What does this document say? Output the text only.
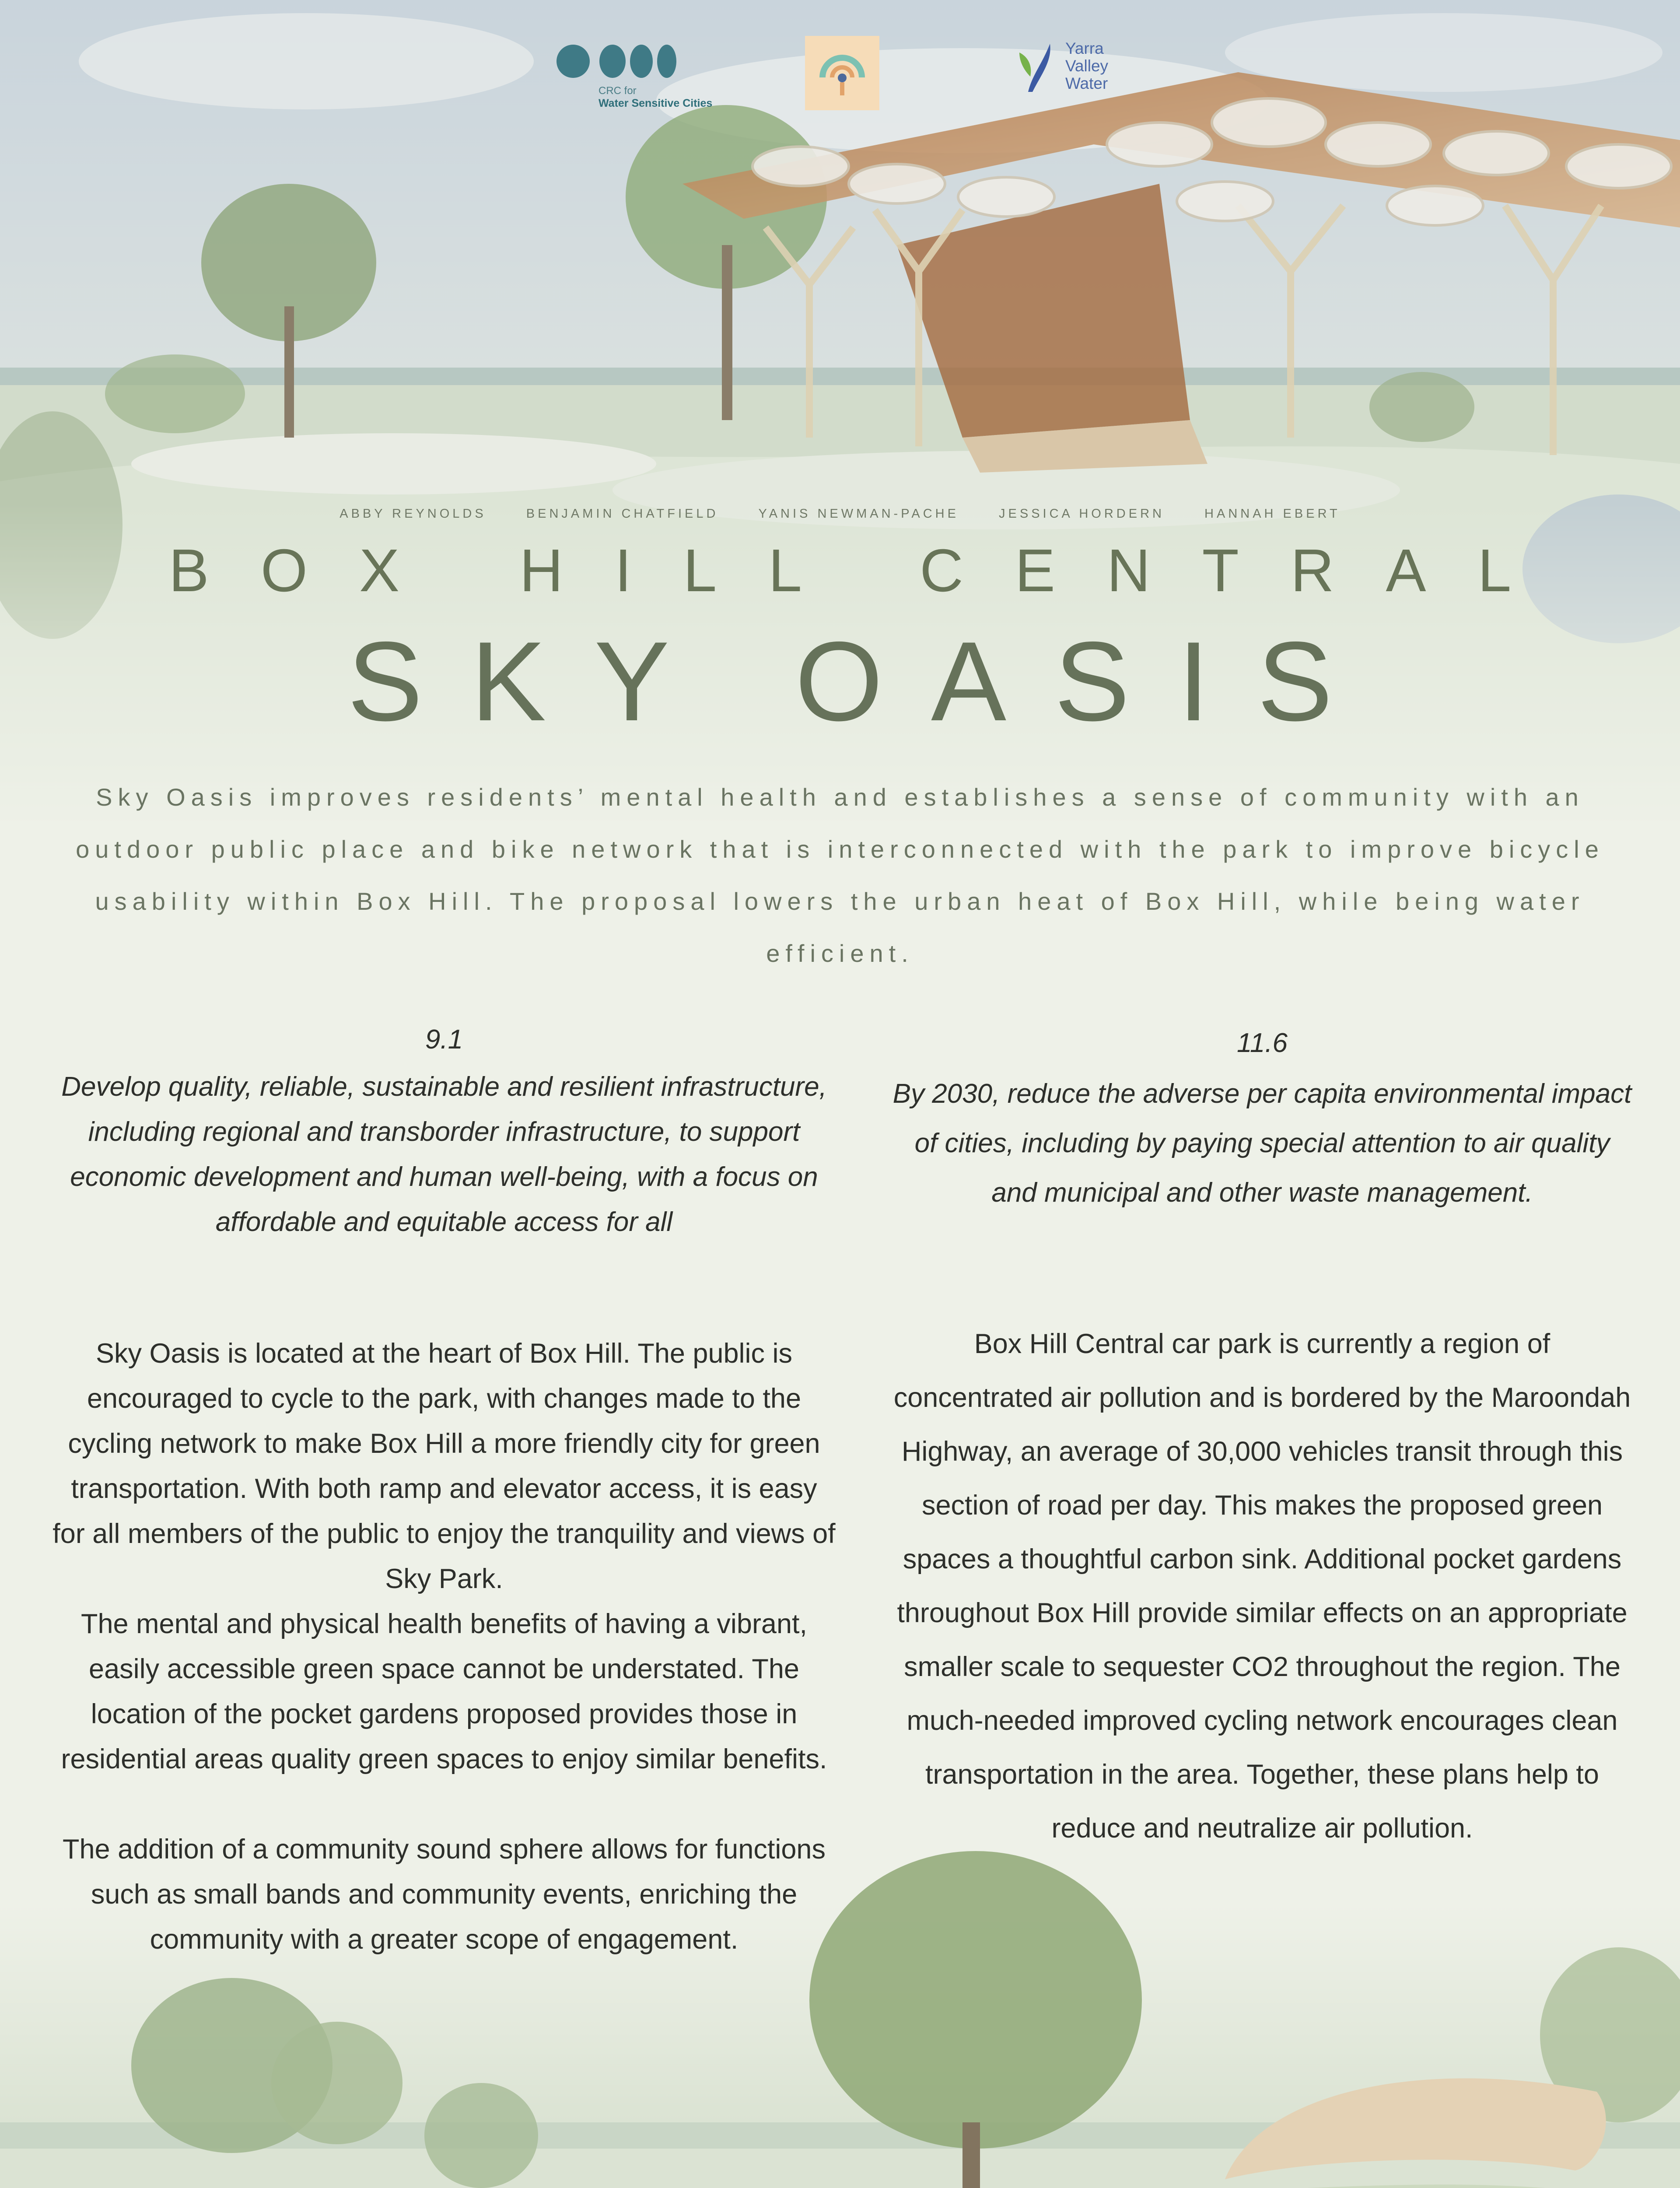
CRC for
Water Sensitive Cities
Yarra
Valley
Water
ABBY REYNOLDS	BENJAMIN CHATFIELD	YANIS NEWMAN-PACHE	JESSICA HORDERN	HANNAH EBERT
BOX HILL CENTRAL
SKY OASIS
Sky Oasis improves residents’ mental health and establishes a sense of community with an outdoor public place and bike network that is interconnected with the park to improve bicycle usability within Box Hill. The proposal lowers the urban heat of Box Hill, while being water efficient.
9.1
Develop quality, reliable, sustainable and resilient infrastructure, including regional and transborder infrastructure, to support economic development and human well-being, with a focus on affordable and equitable access for all
Sky Oasis is located at the heart of Box Hill. The public is encouraged to cycle to the park, with changes made to the cycling network to make Box Hill a more friendly city for green transportation. With both ramp and elevator access, it is easy for all members of the public to enjoy the tranquility and views of Sky Park.
The mental and physical health benefits of having a vibrant, easily accessible green space cannot be understated. The location of the pocket gardens proposed provides those in residential areas quality green spaces to enjoy similar benefits.
The addition of a community sound sphere allows for functions such as small bands and community events, enriching the community with a greater scope of engagement.
11.6
By 2030, reduce the adverse per capita environmental impact of cities, including by paying special attention to air quality and municipal and other waste management.
Box Hill Central car park is currently a region of concentrated air pollution and is bordered by the Maroondah Highway, an average of 30,000 vehicles transit through this section of road per day. This makes the proposed green spaces a thoughtful carbon sink. Additional pocket gardens throughout Box Hill provide similar effects on an appropriate smaller scale to sequester CO2 throughout the region. The much-needed improved cycling network encourages clean transportation in the area. Together, these plans help to reduce and neutralize air pollution.
